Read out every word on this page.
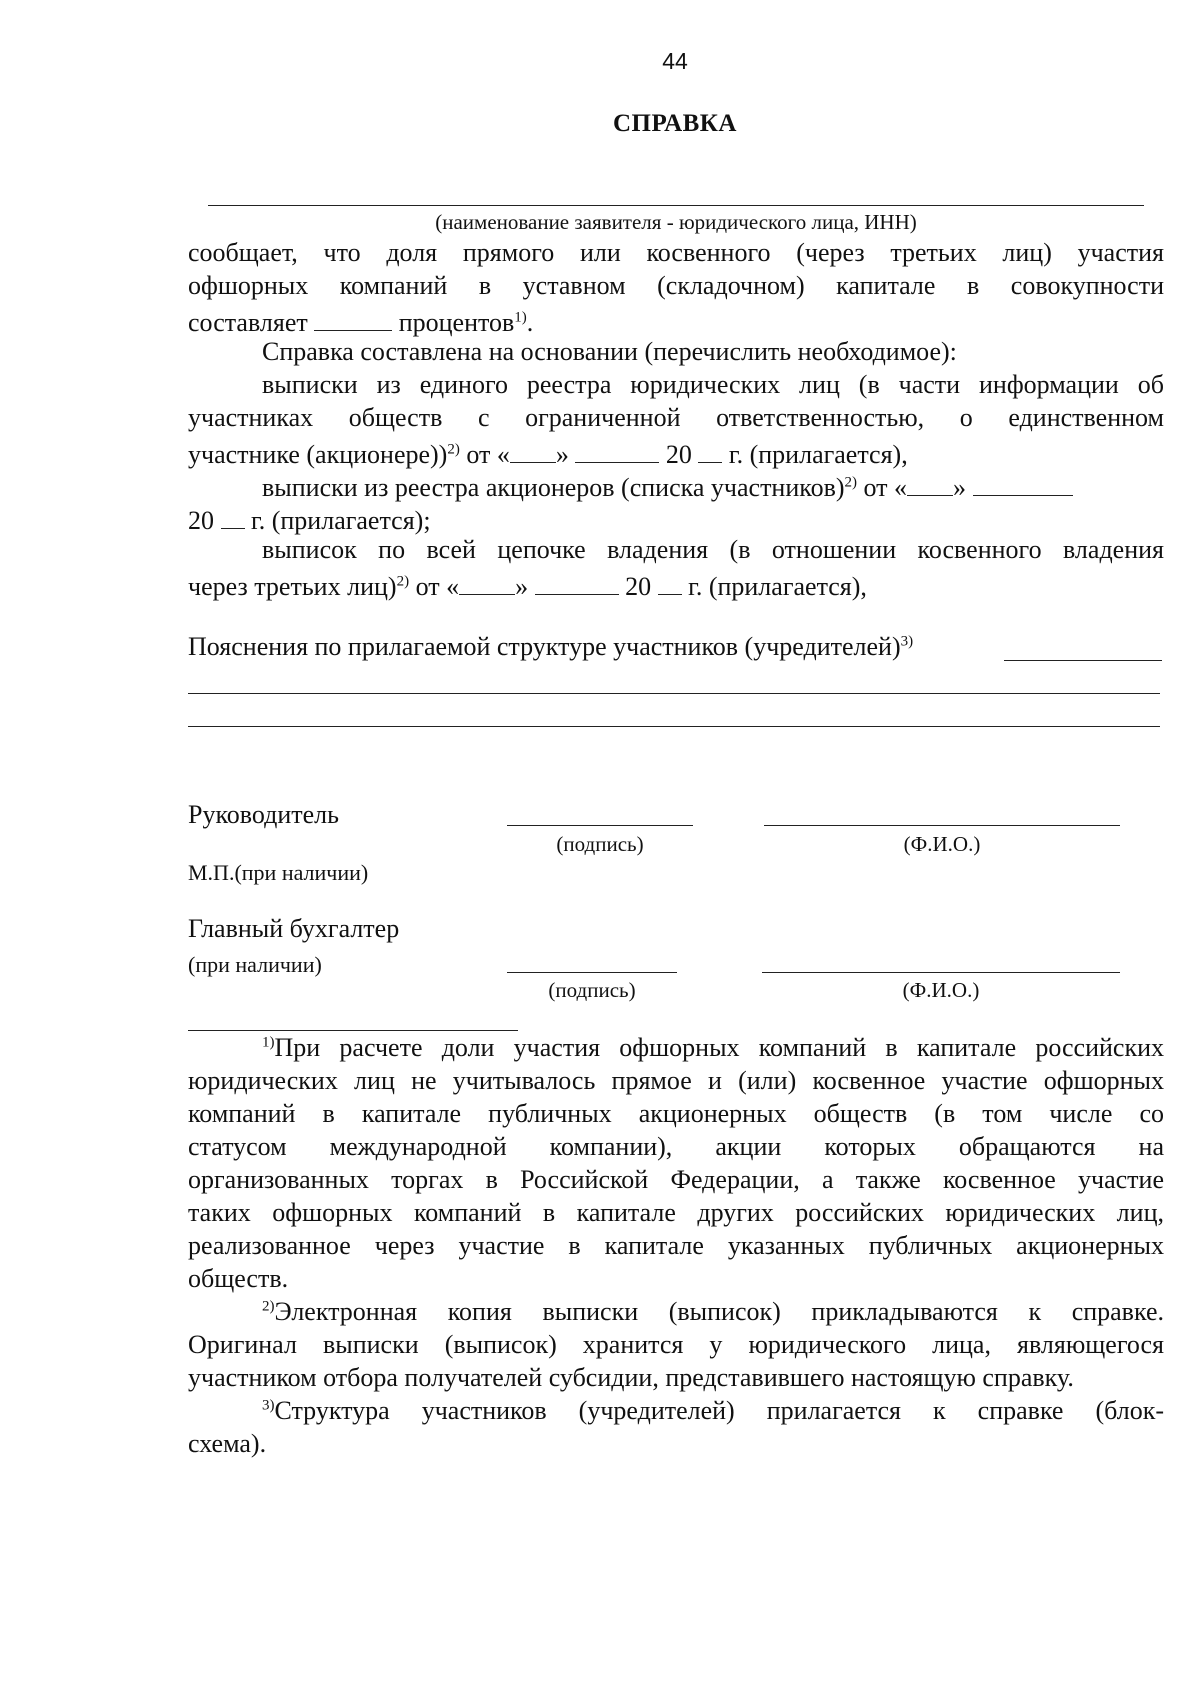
44
СПРАВКА
(наименование заявителя - юридического лица, ИНН)
сообщает, что доля прямого или косвенного (через третьих лиц) участия
офшорных компаний в уставном (складочном) капитале в совокупности
составляет	процентов$^{1)}$.
Справка составлена на основании (перечислить необходимое):
выписки из единого реестра юридических лиц (в части информации об
участниках обществ с ограниченной ответственностью, о единственном
участнике (акционере))$^{2)}$ от « »	20 г. (прилагается),
выписки из реестра акционеров (списка участников)$^{2)}$ от « »
20 г. (прилагается);
выписок по всей цепочке владения (в отношении косвенного владения
через третьих лиц)$^{2)}$ от « »	20 г. (прилагается),
Пояснения по прилагаемой структуре участников (учредителей)$^{3)}$
Руководитель
(подпись)	(Ф.И.О.)
М.П.(при наличии)
Главный бухгалтер
(при наличии)
(подпись)	(Ф.И.О.)
$^{1)}$При расчете доли участия офшорных компаний в капитале российских
юридических лиц не учитывалось прямое и (или) косвенное участие офшорных
компаний в капитале публичных акционерных обществ (в том числе со
статусом международной компании), акции которых обращаются на
организованных торгах в Российской Федерации, а также косвенное участие
таких офшорных компаний в капитале других российских юридических лиц,
реализованное через участие в капитале указанных публичных акционерных
обществ.
$^{2)}$Электронная копия выписки (выписок) прикладываются к справке.
Оригинал выписки (выписок) хранится у юридического лица, являющегося
участником отбора получателей субсидии, представившего настоящую справку.
$^{3)}$Структура участников (учредителей) прилагается к справке (блок-
схема).
